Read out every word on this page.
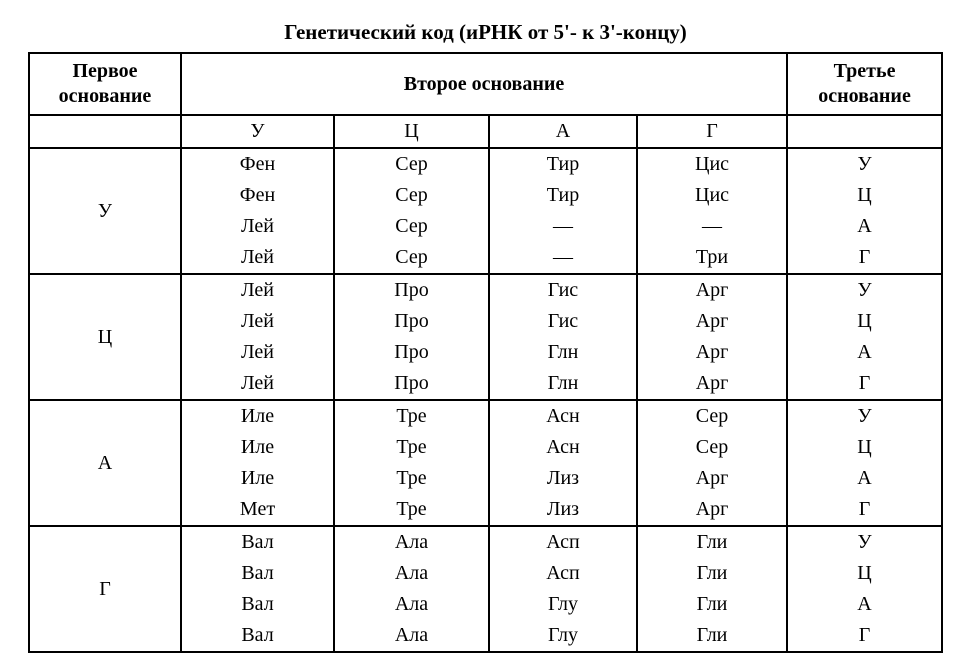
Генетический код (иРНК от 5'- к 3'-концу)
Первое основание	Второе основание				Третье основание
	У	Ц	А	Г	
У	Фен	Сер	Тир	Цис	У
	Фен	Сер	Тир	Цис	Ц
	Лей	Сер	—	—	А
	Лей	Сер	—	Три	Г
Ц	Лей	Про	Гис	Арг	У
	Лей	Про	Гис	Арг	Ц
	Лей	Про	Глн	Арг	А
	Лей	Про	Глн	Арг	Г
А	Иле	Тре	Асн	Сер	У
	Иле	Тре	Асн	Сер	Ц
	Иле	Тре	Лиз	Арг	А
	Мет	Тре	Лиз	Арг	Г
Г	Вал	Ала	Асп	Гли	У
	Вал	Ала	Асп	Гли	Ц
	Вал	Ала	Глу	Гли	А
	Вал	Ала	Глу	Гли	Г
